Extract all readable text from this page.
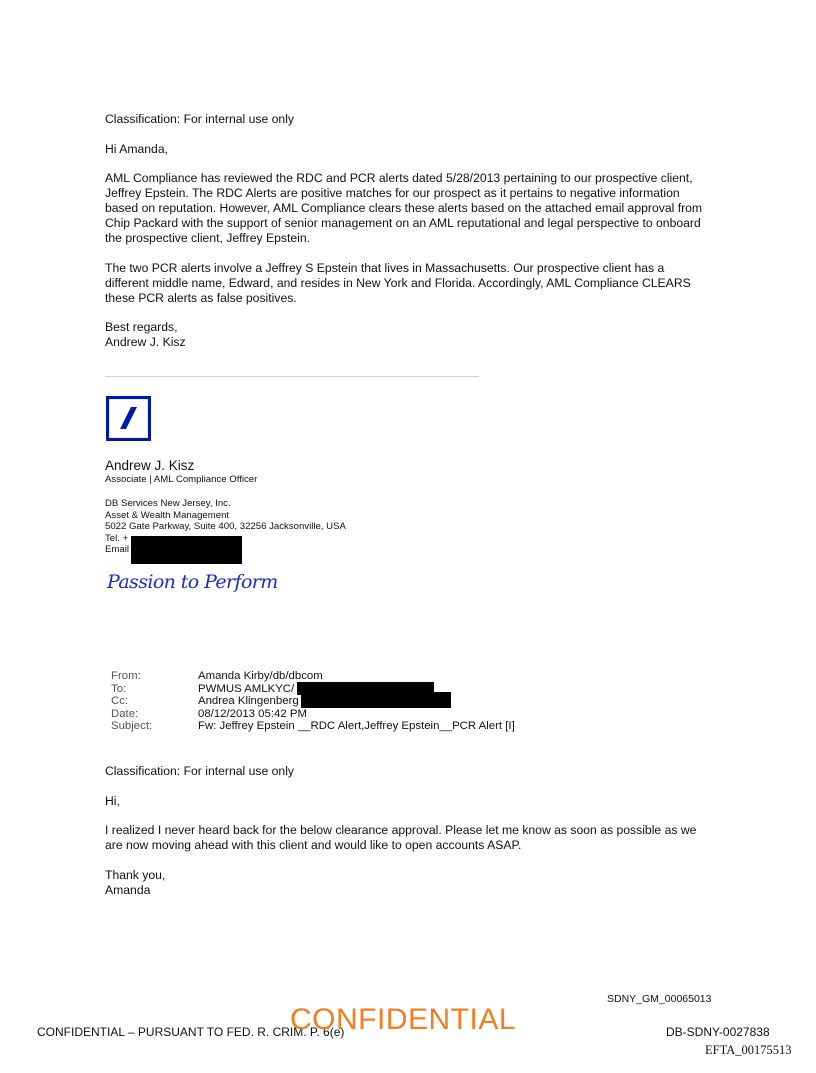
Classification: For internal use only

Hi Amanda,

AML Compliance has reviewed the RDC and PCR alerts dated 5/28/2013 pertaining to our prospective client, Jeffrey Epstein. The RDC Alerts are positive matches for our prospect as it pertains to negative information based on reputation. However, AML Compliance clears these alerts based on the attached email approval from Chip Packard with the support of senior management on an AML reputational and legal perspective to onboard the prospective client, Jeffrey Epstein.

The two PCR alerts involve a Jeffrey S Epstein that lives in Massachusetts. Our prospective client has a different middle name, Edward, and resides in New York and Florida. Accordingly, AML Compliance CLEARS these PCR alerts as false positives.

Best regards,

Andrew J. Kisz

Andrew J. Kisz
Associate | AML Compliance Officer
DB Services New Jersey, Inc.
Asset & Wealth Management
5022 Gate Parkway, Suite 400, 32256 Jacksonville, USA
Tel. +
Email
Passion to Perform
From:	Amanda Kirby/db/dbcom
To:	PWMUS AMLKYC/
Cc:	Andrea Klingenberg
Date:	08/12/2013 05:42 PM
Subject:	Fw: Jeffrey Epstein __RDC Alert,Jeffrey Epstein__PCR Alert [I]

Classification: For internal use only

Hi,

I realized I never heard back for the below clearance approval. Please let me know as soon as possible as we are now moving ahead with this client and would like to open accounts ASAP.

Thank you,

Amanda

SDNY_GM_00065013
CONFIDENTIAL – PURSUANT TO FED. R. CRIM. P. 6(e)
CONFIDENTIAL	DB-SDNY-0027838
EFTA_00175513
